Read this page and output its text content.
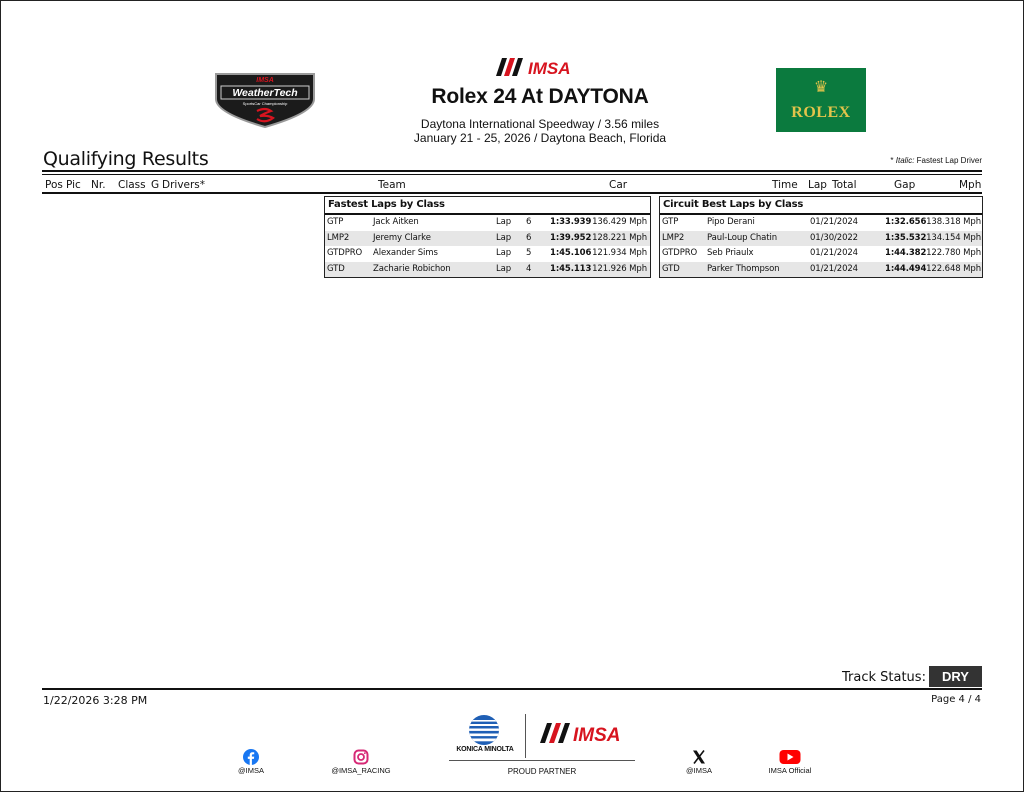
IMSA
WeatherTech
SportsCar Championship
IMSA
Rolex 24 At DAYTONA
Daytona International Speedway / 3.56 miles
January 21 - 25, 2026 / Daytona Beach, Florida
♛
ROLEX
Qualifying Results	* Italic: Fastest Lap Driver
Pos Pic Nr. Class G Drivers*	Team	Car	Time Lap Total	Gap	Mph
Fastest Laps by Class
GTP	Jack Aitken	Lap 6 1:33.939 136.429 Mph
LMP2	Jeremy Clarke	Lap 6 1:39.952 128.221 Mph
GTDPRO Alexander Sims	Lap 5 1:45.106 121.934 Mph
GTD	Zacharie Robichon	Lap 4 1:45.113 121.926 Mph
Circuit Best Laps by Class
GTP	Pipo Derani	01/21/2024	1:32.656 138.318 Mph
LMP2	Paul-Loup Chatin	01/30/2022	1:35.532 134.154 Mph
GTDPRO Seb Priaulx	01/21/2024	1:44.382 122.780 Mph
GTD	Parker Thompson	01/21/2024	1:44.494 122.648 Mph
Track Status:	DRY
1/22/2026 3:28 PM	Page 4 / 4
KONICA MINOLTA
IMSA
PROUD PARTNER
@IMSA	@IMSA_RACING	@IMSA	IMSA Official
